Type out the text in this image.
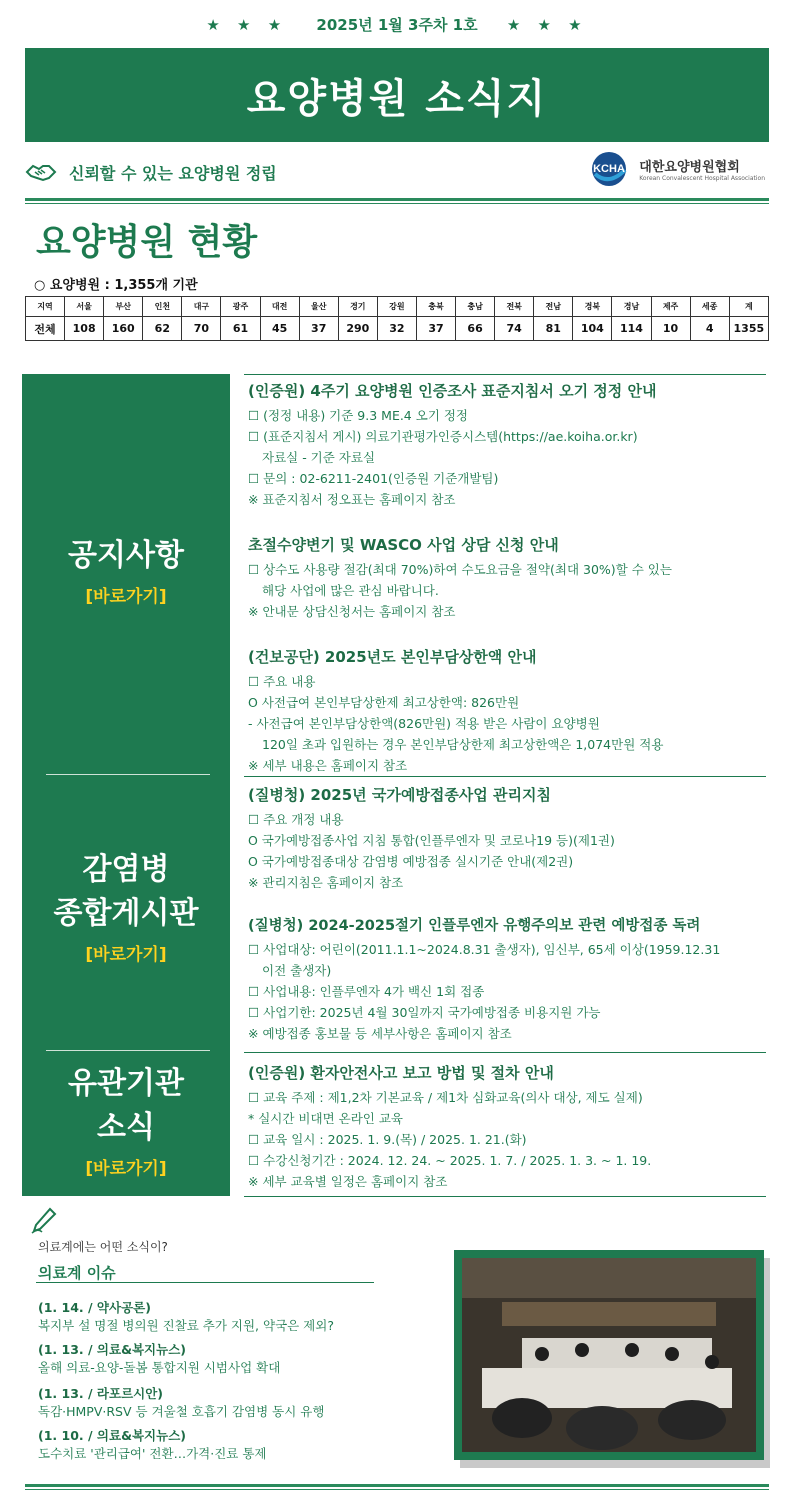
★ ★ ★ 2025년 1월 3주차 1호 ★ ★ ★
요양병원 소식지
신뢰할 수 있는 요양병원 정립	KCHA 대한요양병원협회
Korean Convalescent Hospital Association
요양병원 현황
○ 요양병원 : 1,355개 기관
지역	서울	부산	인천	대구	광주	대전	울산	경기	강원	충북	충남	전북	전남	경북	경남	제주	세종	계
전체	108	160	62	70	61	45	37	290	32	37	66	74	81	104	114	10	4	1355
공지사항
[바로가기]
감염병
종합게시판
[바로가기]
유관기관
소식
[바로가기]
(인증원) 4주기 요양병원 인증조사 표준지침서 오기 정정 안내

☐ (정정 내용) 기준 9.3 ME.4 오기 정정

☐ (표준지침서 게시) 의료기관평가인증시스템(https://ae.koiha.or.kr)

자료실 - 기준 자료실

☐ 문의 : 02-6211-2401(인증원 기준개발팀)

※ 표준지침서 정오표는 홈페이지 참조

초절수양변기 및 WASCO 사업 상담 신청 안내

☐ 상수도 사용량 절감(최대 70%)하여 수도요금을 절약(최대 30%)할 수 있는

해당 사업에 많은 관심 바랍니다.

※ 안내문 상담신청서는 홈페이지 참조

(건보공단) 2025년도 본인부담상한액 안내

☐ 주요 내용

O 사전급여 본인부담상한제 최고상한액: 826만원

- 사전급여 본인부담상한액(826만원) 적용 받은 사람이 요양병원

120일 초과 입원하는 경우 본인부담상한제 최고상한액은 1,074만원 적용

※ 세부 내용은 홈페이지 참조

(질병청) 2025년 국가예방접종사업 관리지침

☐ 주요 개정 내용

O 국가예방접종사업 지침 통합(인플루엔자 및 코로나19 등)(제1권)

O 국가예방접종대상 감염병 예방접종 실시기준 안내(제2권)

※ 관리지침은 홈페이지 참조

(질병청) 2024-2025절기 인플루엔자 유행주의보 관련 예방접종 독려

☐ 사업대상: 어린이(2011.1.1~2024.8.31 출생자), 임신부, 65세 이상(1959.12.31

이전 출생자)

☐ 사업내용: 인플루엔자 4가 백신 1회 접종

☐ 사업기한: 2025년 4월 30일까지 국가예방접종 비용지원 가능

※ 예방접종 홍보물 등 세부사항은 홈페이지 참조

(인증원) 환자안전사고 보고 방법 및 절차 안내

☐ 교육 주제 : 제1,2차 기본교육 / 제1차 심화교육(의사 대상, 제도 실제)

* 실시간 비대면 온라인 교육

☐ 교육 일시 : 2025. 1. 9.(목) / 2025. 1. 21.(화)

☐ 수강신청기간 : 2024. 12. 24. ~ 2025. 1. 7. / 2025. 1. 3. ~ 1. 19.

※ 세부 교육별 일정은 홈페이지 참조

의료계에는 어떤 소식이?
의료계 이슈
(1. 14. / 약사공론)
복지부 설 명절 병의원 진찰료 추가 지원, 약국은 제외?
(1. 13. / 의료&복지뉴스)
올해 의료-요양-돌봄 통합지원 시범사업 확대
(1. 13. / 라포르시안)
독감·HMPV·RSV 등 겨울철 호흡기 감염병 동시 유행
(1. 10. / 의료&복지뉴스)
도수치료 '관리급여' 전환…가격·진료 통제
